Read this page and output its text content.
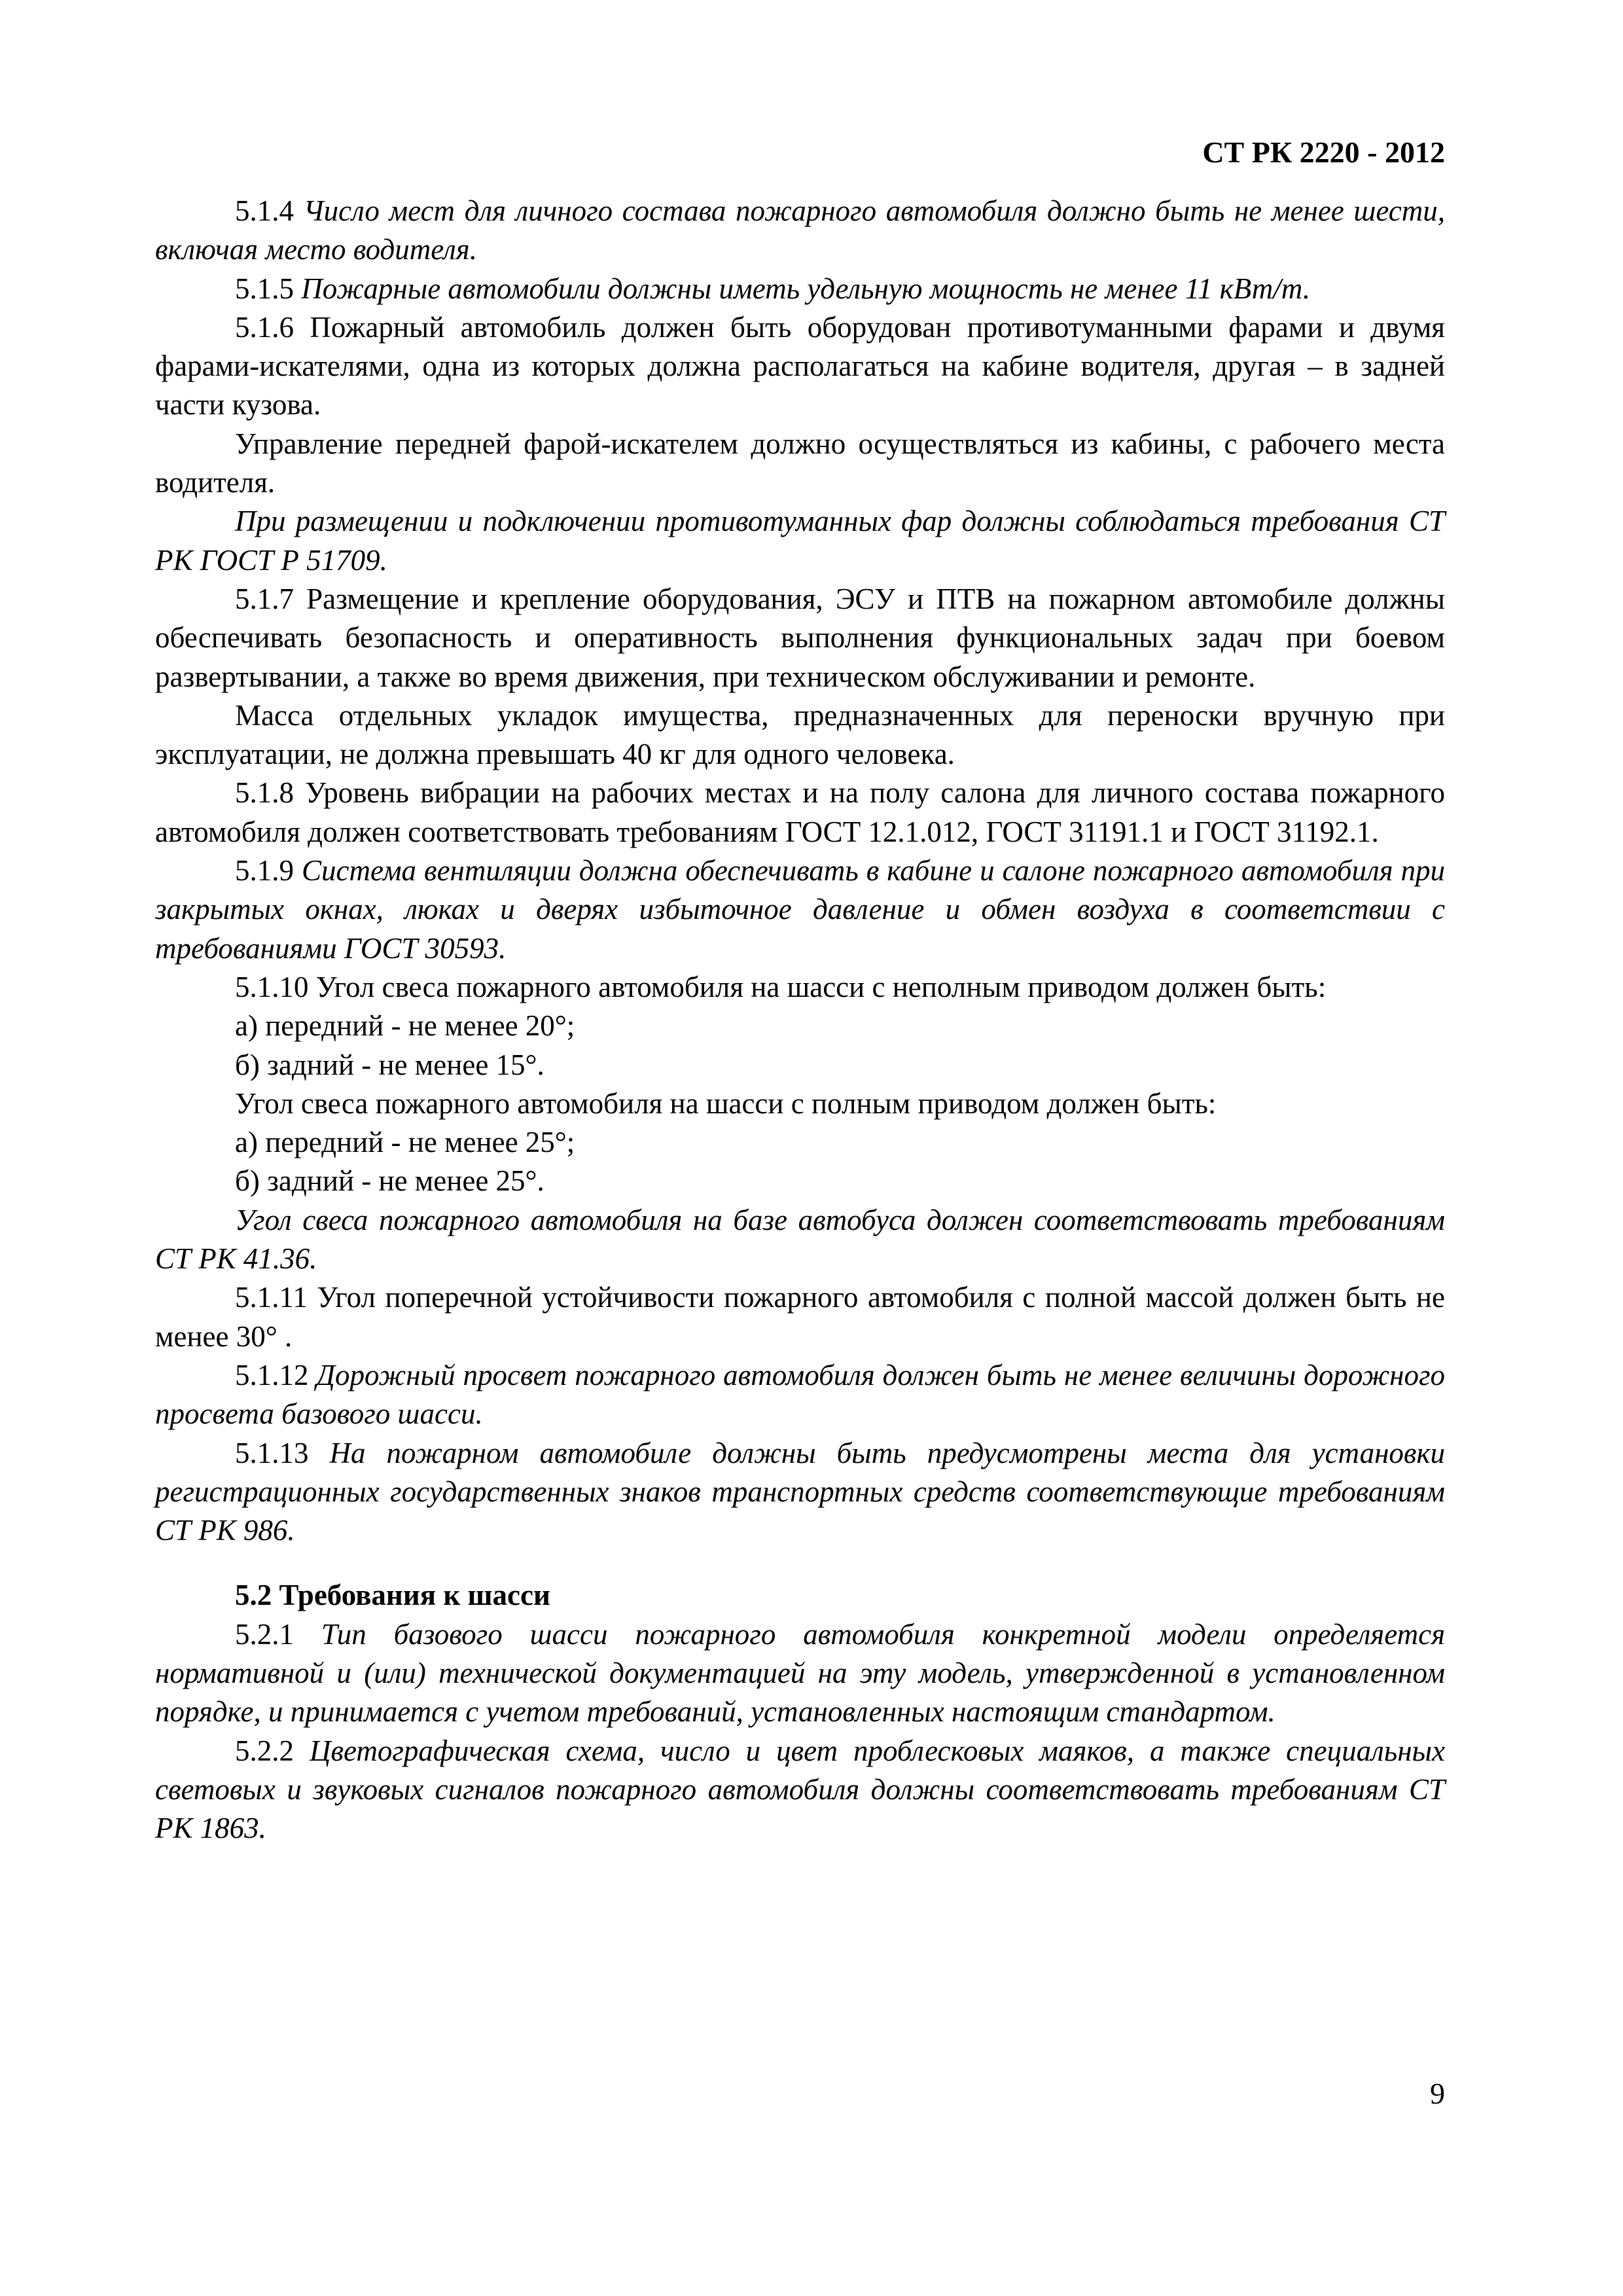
СТ РК 2220 - 2012

5.1.4 Число мест для личного состава пожарного автомобиля должно быть не менее шести, включая место водителя.

5.1.5 Пожарные автомобили должны иметь удельную мощность не менее 11 кВт/т.

5.1.6 Пожарный автомобиль должен быть оборудован противотуманными фарами и двумя фарами-искателями, одна из которых должна располагаться на кабине водителя, другая – в задней части кузова.

Управление передней фарой-искателем должно осуществляться из кабины, с рабочего места водителя.

При размещении и подключении противотуманных фар должны соблюдаться требования СТ РК ГОСТ Р 51709.

5.1.7 Размещение и крепление оборудования, ЭСУ и ПТВ на пожарном автомобиле должны обеспечивать безопасность и оперативность выполнения функциональных задач при боевом развертывании, а также во время движения, при техническом обслуживании и ремонте.

Масса отдельных укладок имущества, предназначенных для переноски вручную при эксплуатации, не должна превышать 40 кг для одного человека.

5.1.8 Уровень вибрации на рабочих местах и на полу салона для личного состава пожарного автомобиля должен соответствовать требованиям ГОСТ 12.1.012, ГОСТ 31191.1 и ГОСТ 31192.1.

5.1.9 Система вентиляции должна обеспечивать в кабине и салоне пожарного автомобиля при закрытых окнах, люках и дверях избыточное давление и обмен воздуха в соответствии с требованиями ГОСТ 30593.

5.1.10 Угол свеса пожарного автомобиля на шасси с неполным приводом должен быть:

а) передний - не менее 20°;

б) задний - не менее 15°.

Угол свеса пожарного автомобиля на шасси с полным приводом должен быть:

а) передний - не менее 25°;

б) задний - не менее 25°.

Угол свеса пожарного автомобиля на базе автобуса должен соответствовать требованиям СТ РК 41.36.

5.1.11 Угол поперечной устойчивости пожарного автомобиля с полной массой должен быть не менее 30° .

5.1.12 Дорожный просвет пожарного автомобиля должен быть не менее величины дорожного просвета базового шасси.

5.1.13 На пожарном автомобиле должны быть предусмотрены места для установки регистрационных государственных знаков транспортных средств соответствующие требованиям СТ РК 986.

5.2 Требования к шасси

5.2.1 Тип базового шасси пожарного автомобиля конкретной модели определяется нормативной и (или) технической документацией на эту модель, утвержденной в установленном порядке, и принимается с учетом требований, установленных настоящим стандартом.

5.2.2 Цветографическая схема, число и цвет проблесковых маяков, а также специальных световых и звуковых сигналов пожарного автомобиля должны соответствовать требованиям СТ РК 1863.

9
